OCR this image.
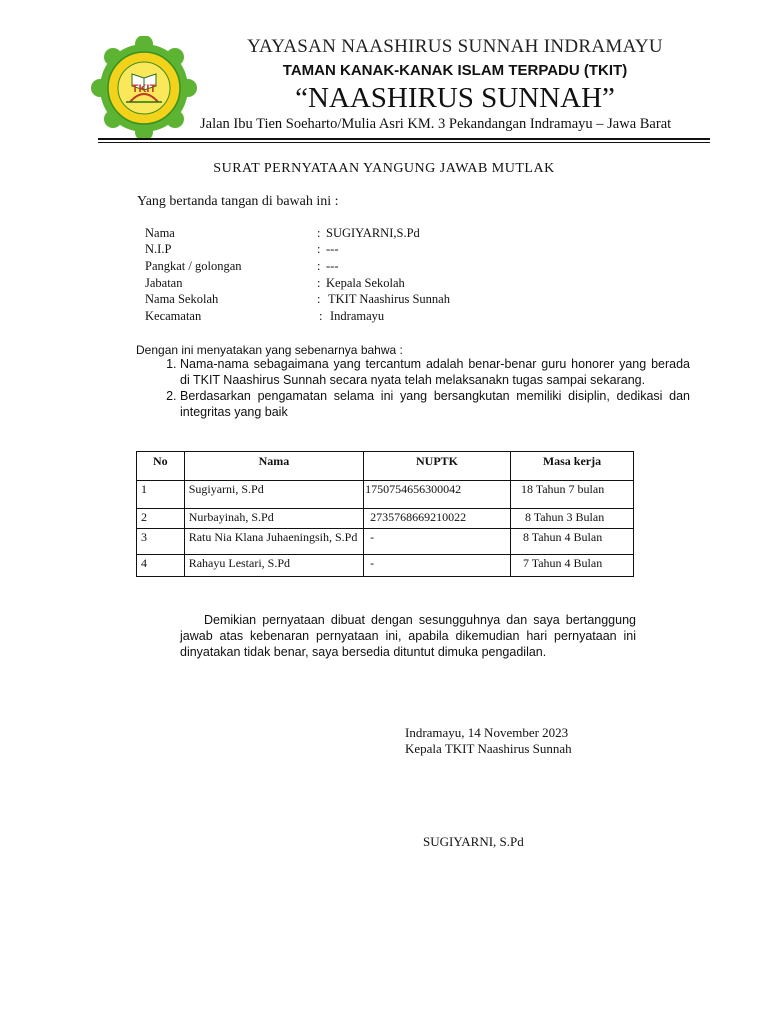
TKIT
YAYASAN NAASHIRUS SUNNAH INDRAMAYU
TAMAN KANAK-KANAK ISLAM TERPADU (TKIT)
“NAASHIRUS SUNNAH”
Jalan Ibu Tien Soeharto/Mulia Asri KM. 3 Pekandangan Indramayu – Jawa Barat
SURAT PERNYATAAN YANGUNG JAWAB MUTLAK
Yang bertanda tangan di bawah ini :
Nama	: SUGIYARNI,S.Pd
N.I.P	: ---
Pangkat / golongan	: ---
Jabatan	: Kepala Sekolah
Nama Sekolah	: TKIT Naashirus Sunnah
Kecamatan	: Indramayu
Dengan ini menyatakan yang sebenarnya bahwa :
1. Nama-nama sebagaimana yang tercantum adalah benar-benar guru honorer yang berada di TKIT Naashirus Sunnah secara nyata telah melaksanakn tugas sampai sekarang.
2. Berdasarkan pengamatan selama ini yang bersangkutan memiliki disiplin, dedikasi dan integritas yang baik
No	Nama	NUPTK	Masa kerja
1	Sugiyarni, S.Pd	1750754656300042	18 Tahun 7 bulan
2	Nurbayinah, S.Pd	2735768669210022	8 Tahun 3 Bulan
3	Ratu Nia Klana Juhaeningsih, S.Pd	-	8 Tahun 4 Bulan
4	Rahayu Lestari, S.Pd	-	7 Tahun 4 Bulan
Demikian pernyataan dibuat dengan sesungguhnya dan saya bertanggung jawab atas kebenaran pernyataan ini, apabila dikemudian hari pernyataan ini dinyatakan tidak benar, saya bersedia dituntut dimuka pengadilan.
Indramayu, 14 November 2023
Kepala TKIT Naashirus Sunnah
SUGIYARNI, S.Pd
